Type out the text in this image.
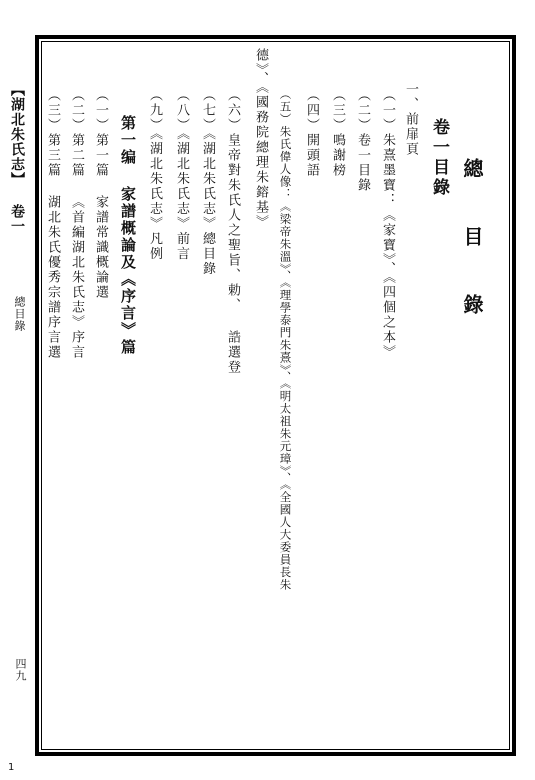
【湖北朱氏志】 卷一
總目錄
四九
1
總 目 錄
卷一目錄
一、前扉頁
（一）朱熹墨寶：《家寶》、《四個之本》
（二）卷一目錄
（三）鳴謝榜
（四）開頭語
（五）朱氏偉人像：《梁帝朱溫》、《理學泰門朱熹》、《明太祖朱元璋》、《全國人大委員長朱
德》、《國務院總理朱鎔基》
（六）皇帝對朱氏人之聖旨、勅、 誥選登
（七）《湖北朱氏志》總目錄
（八）《湖北朱氏志》前言
（九）《湖北朱氏志》凡例
第一编 家譜概論及《序言》篇
（一）第一篇 家譜常識概論選
（二）第二篇 《首編湖北朱氏志》序言
（三）第三篇 湖北朱氏優秀宗譜序言選
